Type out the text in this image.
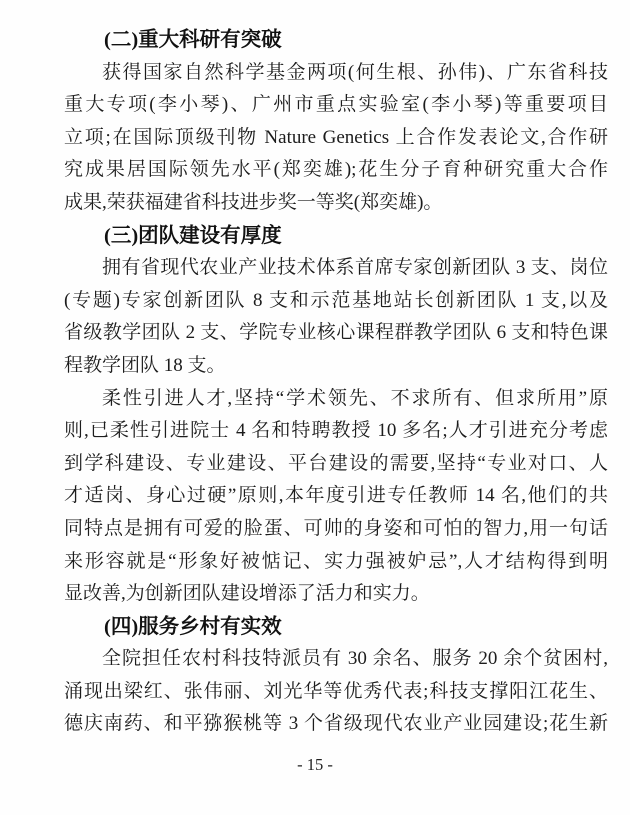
(二)重大科研有突破
获得国家自然科学基金两项(何生根、孙伟)、广东省科技
重大专项(李小琴)、广州市重点实验室(李小琴)等重要项目
立项;在国际顶级刊物 Nature Genetics 上合作发表论文,合作研
究成果居国际领先水平(郑奕雄);花生分子育种研究重大合作
成果,荣获福建省科技进步奖一等奖(郑奕雄)。
(三)团队建设有厚度
拥有省现代农业产业技术体系首席专家创新团队 3 支、岗位
(专题)专家创新团队 8 支和示范基地站长创新团队 1 支,以及
省级教学团队 2 支、学院专业核心课程群教学团队 6 支和特色课
程教学团队 18 支。
柔性引进人才,坚持“学术领先、不求所有、但求所用”原
则,已柔性引进院士 4 名和特聘教授 10 多名;人才引进充分考虑
到学科建设、专业建设、平台建设的需要,坚持“专业对口、人
才适岗、身心过硬”原则,本年度引进专任教师 14 名,他们的共
同特点是拥有可爱的脸蛋、可帅的身姿和可怕的智力,用一句话
来形容就是“形象好被惦记、实力强被妒忌”,人才结构得到明
显改善,为创新团队建设增添了活力和实力。
(四)服务乡村有实效
全院担任农村科技特派员有 30 余名、服务 20 余个贫困村,
涌现出梁红、张伟丽、刘光华等优秀代表;科技支撑阳江花生、
德庆南药、和平猕猴桃等 3 个省级现代农业产业园建设;花生新
- 15 -
